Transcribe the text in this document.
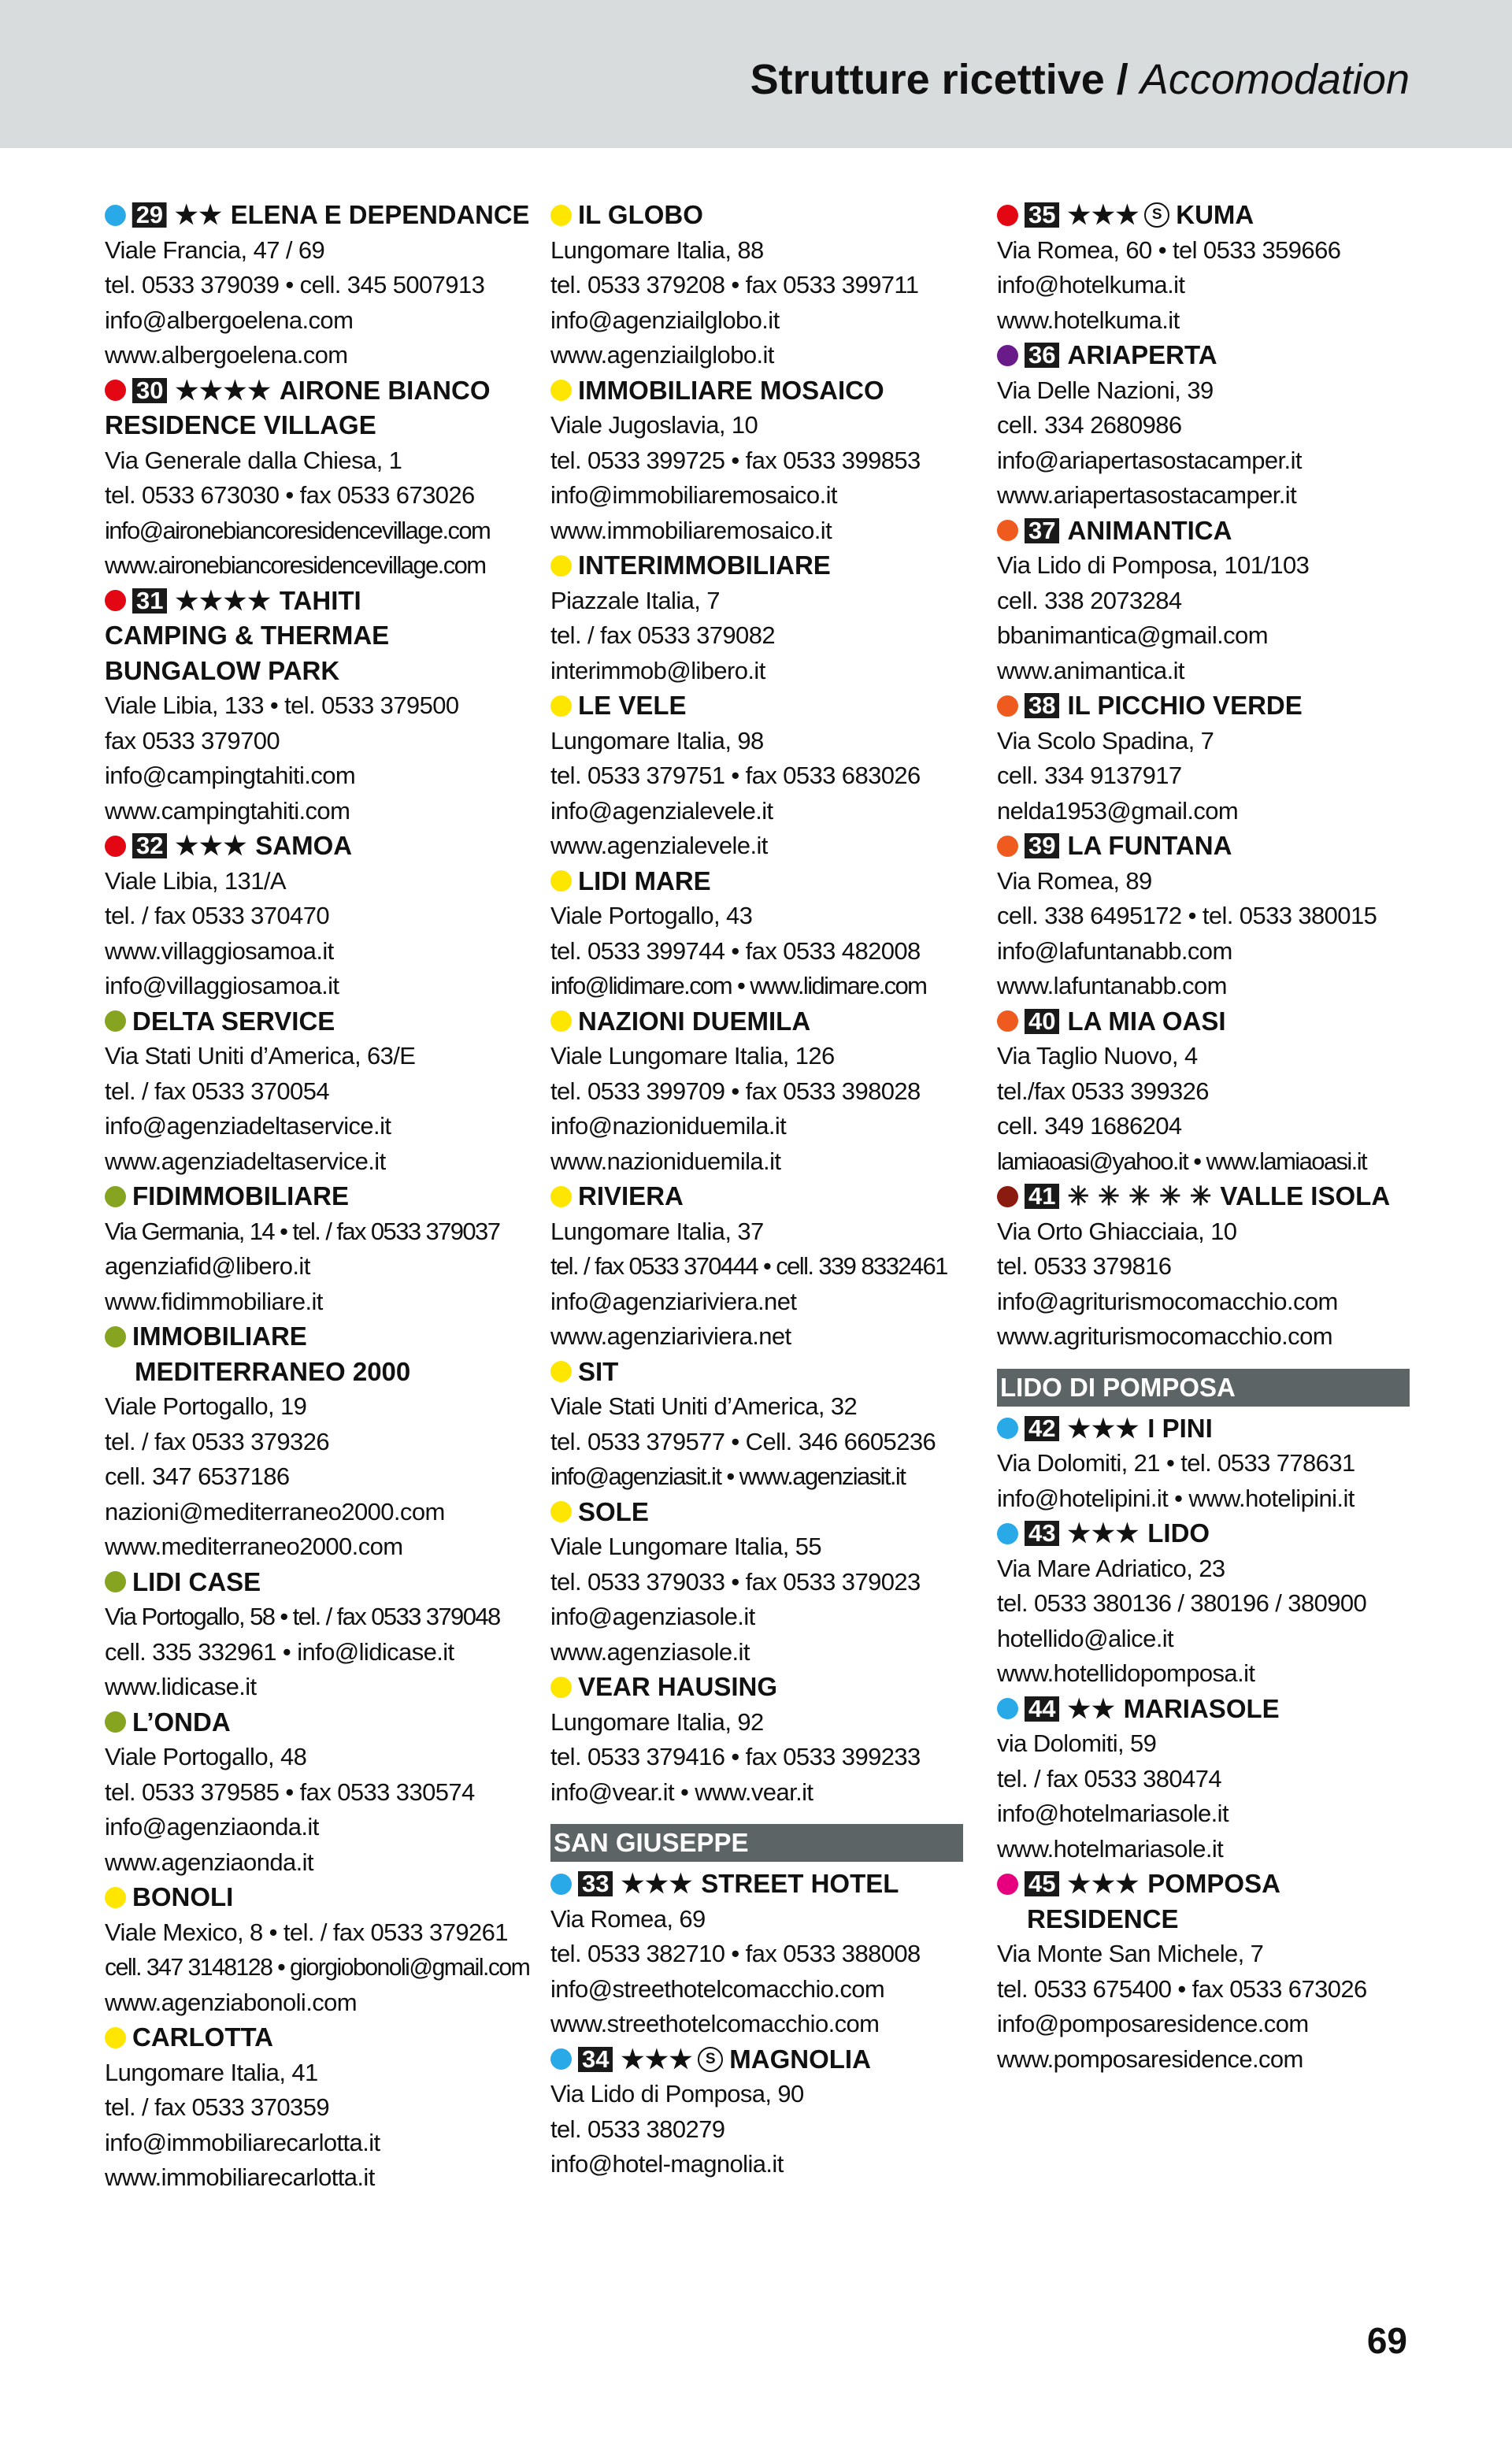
Strutture ricettive / Accomodation
29 ★★ ELENA E DEPENDANCE
Viale Francia, 47 / 69
tel. 0533 379039 • cell. 345 5007913
info@albergoelena.com
www.albergoelena.com
30 ★★★★ AIRONE BIANCO
RESIDENCE VILLAGE
Via Generale dalla Chiesa, 1
tel. 0533 673030 • fax 0533 673026
info@aironebiancoresidencevillage.com
www.aironebiancoresidencevillage.com
31 ★★★★ TAHITI
CAMPING & THERMAE
BUNGALOW PARK
Viale Libia, 133 • tel. 0533 379500
fax 0533 379700
info@campingtahiti.com
www.campingtahiti.com
32 ★★★ SAMOA
Viale Libia, 131/A
tel. / fax 0533 370470
www.villaggiosamoa.it
info@villaggiosamoa.it
DELTA SERVICE
Via Stati Uniti d’America, 63/E
tel. / fax 0533 370054
info@agenziadeltaservice.it
www.agenziadeltaservice.it
FIDIMMOBILIARE
Via Germania, 14 • tel. / fax 0533 379037
agenziafid@libero.it
www.fidimmobiliare.it
IMMOBILIARE
MEDITERRANEO 2000
Viale Portogallo, 19
tel. / fax 0533 379326
cell. 347 6537186
nazioni@mediterraneo2000.com
www.mediterraneo2000.com
LIDI CASE
Via Portogallo, 58 • tel. / fax 0533 379048
cell. 335 332961 • info@lidicase.it
www.lidicase.it
L’ONDA
Viale Portogallo, 48
tel. 0533 379585 • fax 0533 330574
info@agenziaonda.it
www.agenziaonda.it
BONOLI
Viale Mexico, 8 • tel. / fax 0533 379261
cell. 347 3148128 • giorgiobonoli@gmail.com
www.agenziabonoli.com
CARLOTTA
Lungomare Italia, 41
tel. / fax 0533 370359
info@immobiliarecarlotta.it
www.immobiliarecarlotta.it
IL GLOBO
Lungomare Italia, 88
tel. 0533 379208 • fax 0533 399711
info@agenziailglobo.it
www.agenziailglobo.it
IMMOBILIARE MOSAICO
Viale Jugoslavia, 10
tel. 0533 399725 • fax 0533 399853
info@immobiliaremosaico.it
www.immobiliaremosaico.it
INTERIMMOBILIARE
Piazzale Italia, 7
tel. / fax 0533 379082
interimmob@libero.it
LE VELE
Lungomare Italia, 98
tel. 0533 379751 • fax 0533 683026
info@agenzialevele.it
www.agenzialevele.it
LIDI MARE
Viale Portogallo, 43
tel. 0533 399744 • fax 0533 482008
info@lidimare.com • www.lidimare.com
NAZIONI DUEMILA
Viale Lungomare Italia, 126
tel. 0533 399709 • fax 0533 398028
info@nazioniduemila.it
www.nazioniduemila.it
RIVIERA
Lungomare Italia, 37
tel. / fax 0533 370444 • cell. 339 8332461
info@agenziariviera.net
www.agenziariviera.net
SIT
Viale Stati Uniti d’America, 32
tel. 0533 379577 • Cell. 346 6605236
info@agenziasit.it • www.agenziasit.it
SOLE
Viale Lungomare Italia, 55
tel. 0533 379033 • fax 0533 379023
info@agenziasole.it
www.agenziasole.it
VEAR HAUSING
Lungomare Italia, 92
tel. 0533 379416 • fax 0533 399233
info@vear.it • www.vear.it
SAN GIUSEPPE
33 ★★★ STREET HOTEL
Via Romea, 69
tel. 0533 382710 • fax 0533 388008
info@streethotelcomacchio.com
www.streethotelcomacchio.com
34 ★★★ S MAGNOLIA
Via Lido di Pomposa, 90
tel. 0533 380279
info@hotel-magnolia.it
35 ★★★ S KUMA
Via Romea, 60 • tel 0533 359666
info@hotelkuma.it
www.hotelkuma.it
36 ARIAPERTA
Via Delle Nazioni, 39
cell. 334 2680986
info@ariapertasostacamper.it
www.ariapertasostacamper.it
37 ANIMANTICA
Via Lido di Pomposa, 101/103
cell. 338 2073284
bbanimantica@gmail.com
www.animantica.it
38 IL PICCHIO VERDE
Via Scolo Spadina, 7
cell. 334 9137917
nelda1953@gmail.com
39 LA FUNTANA
Via Romea, 89
cell. 338 6495172 • tel. 0533 380015
info@lafuntanabb.com
www.lafuntanabb.com
40 LA MIA OASI
Via Taglio Nuovo, 4
tel./fax 0533 399326
cell. 349 1686204
lamiaoasi@yahoo.it • www.lamiaoasi.it
41 ✳ ✳ ✳ ✳ ✳ VALLE ISOLA
Via Orto Ghiacciaia, 10
tel. 0533 379816
info@agriturismocomacchio.com
www.agriturismocomacchio.com
LIDO DI POMPOSA
42 ★★★ I PINI
Via Dolomiti, 21 • tel. 0533 778631
info@hotelipini.it • www.hotelipini.it
43 ★★★ LIDO
Via Mare Adriatico, 23
tel. 0533 380136 / 380196 / 380900
hotellido@alice.it
www.hotellidopomposa.it
44 ★★ MARIASOLE
via Dolomiti, 59
tel. / fax 0533 380474
info@hotelmariasole.it
www.hotelmariasole.it
45 ★★★ POMPOSA
RESIDENCE
Via Monte San Michele, 7
tel. 0533 675400 • fax 0533 673026
info@pomposaresidence.com
www.pomposaresidence.com
69
